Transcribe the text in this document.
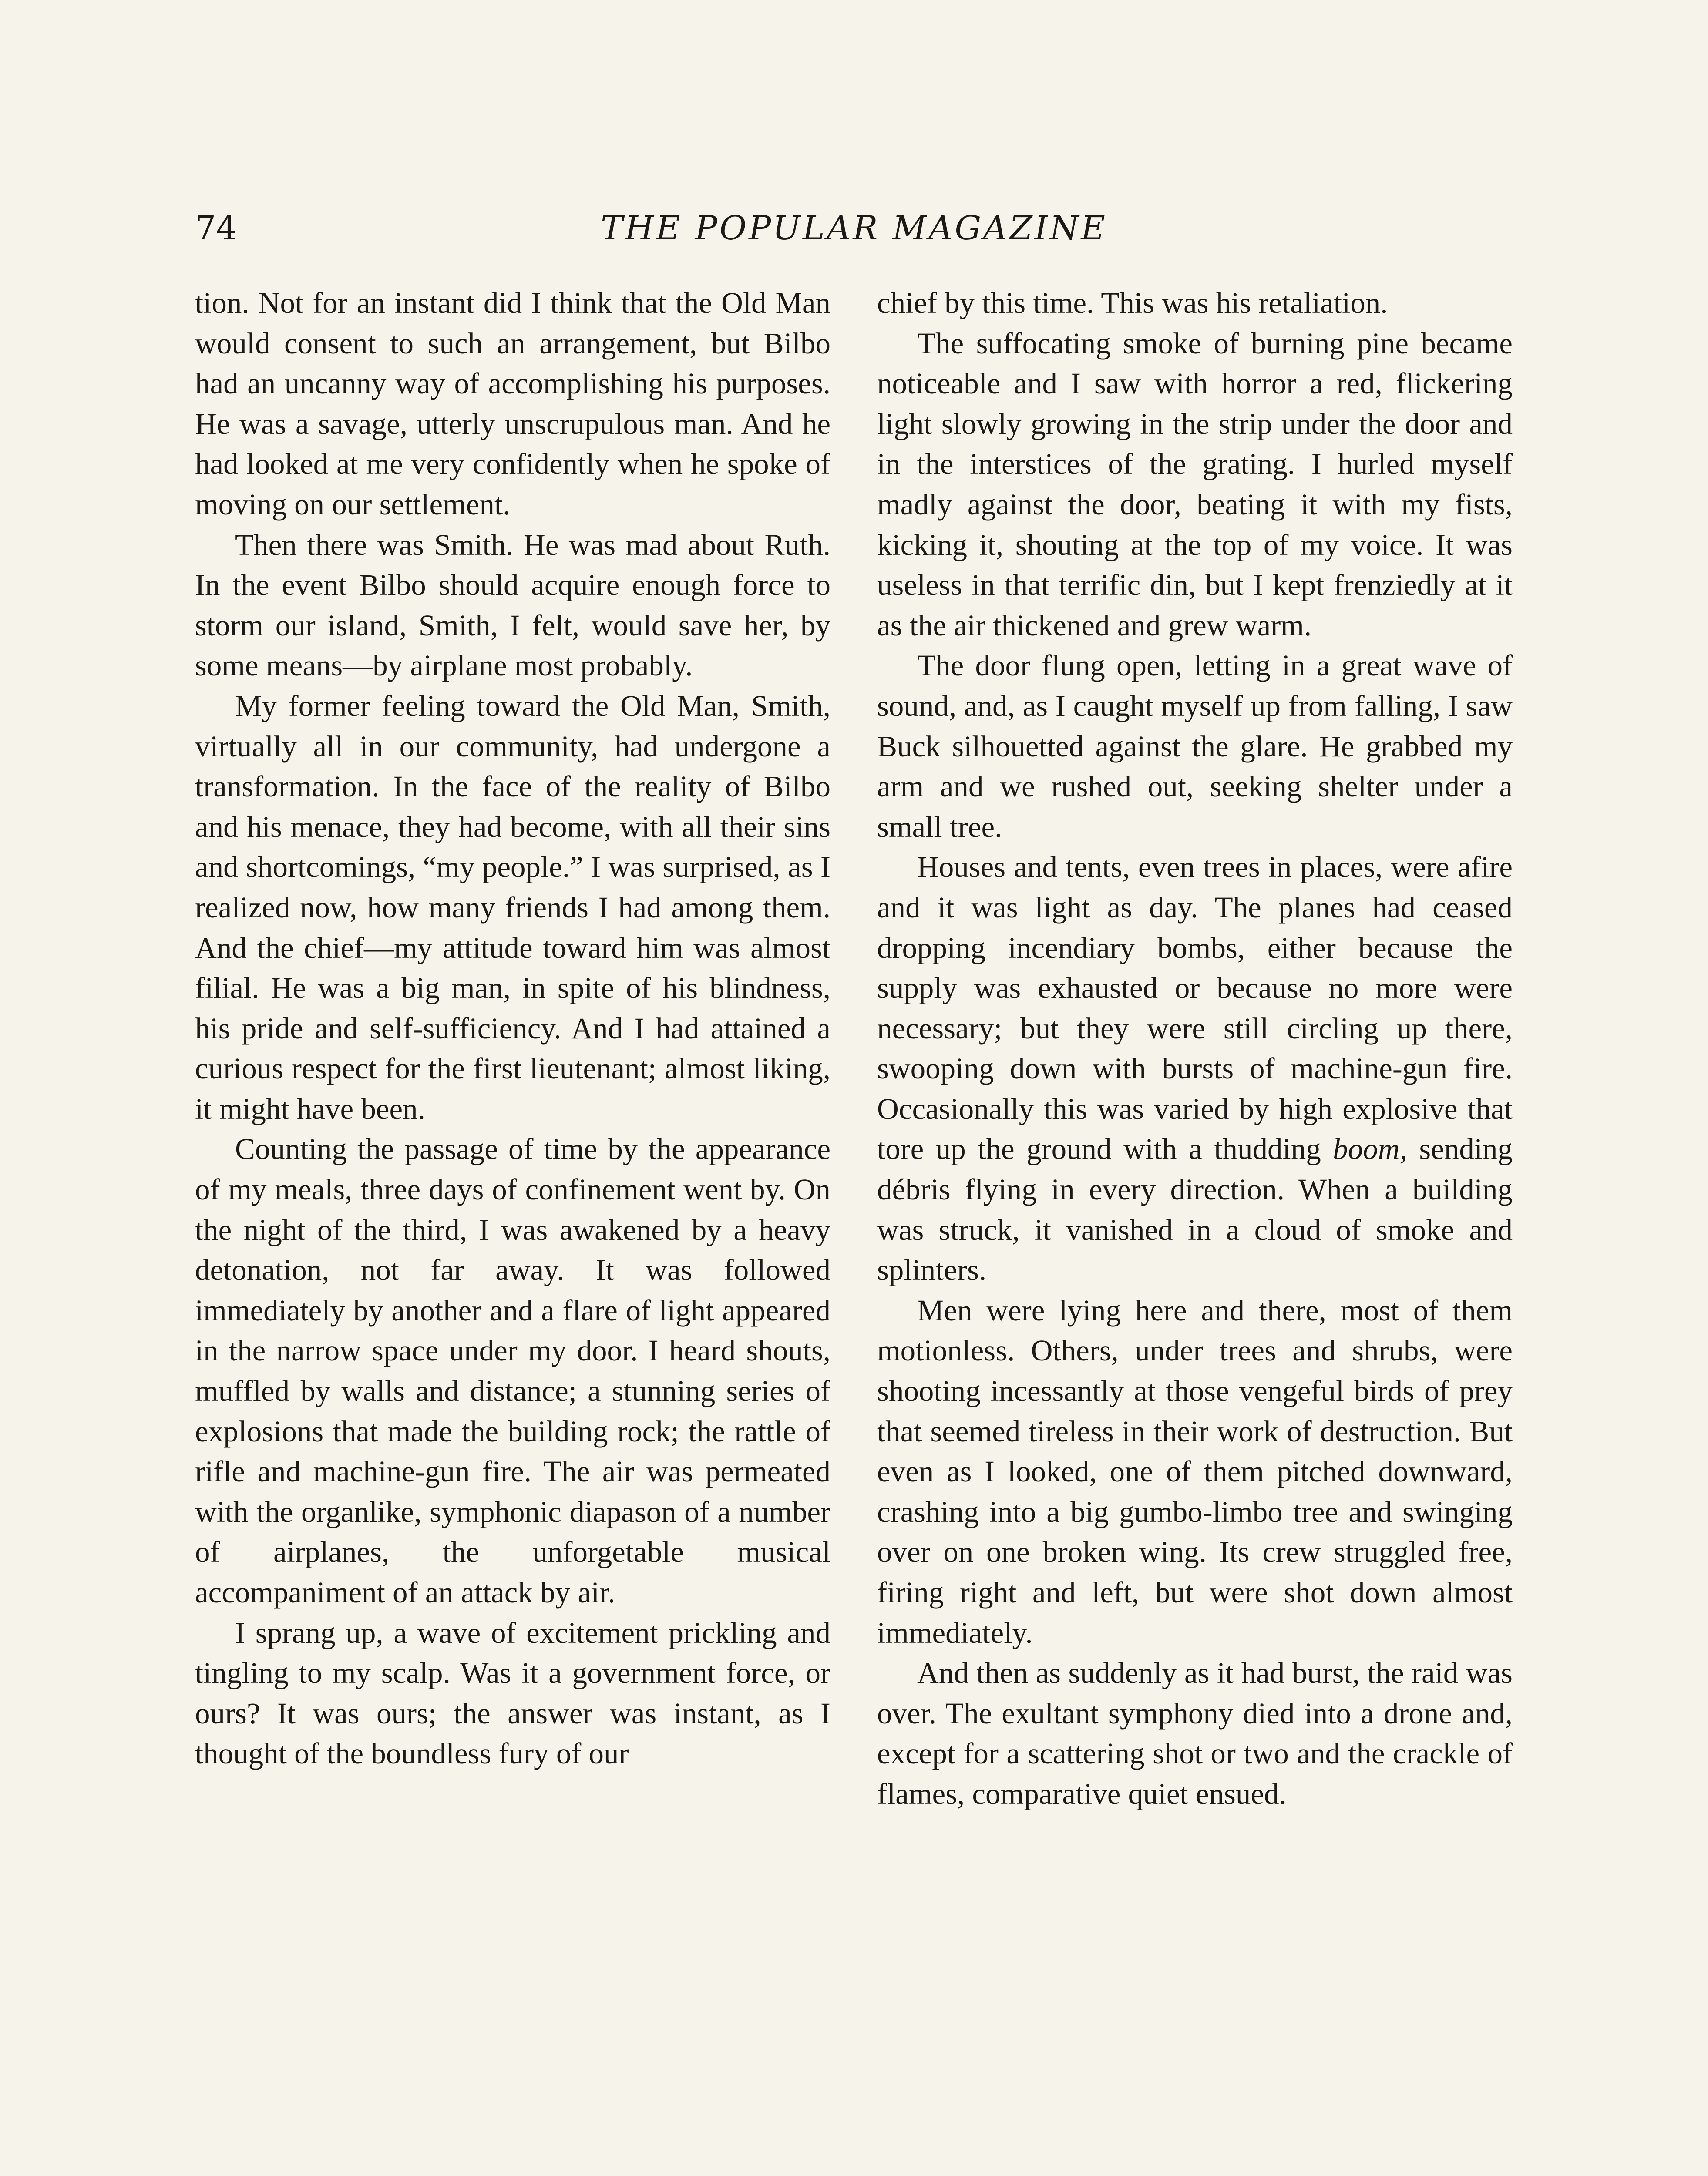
74	THE POPULAR MAGAZINE

tion. Not for an instant did I think that the Old Man would consent to such an arrangement, but Bilbo had an uncanny way of accomplishing his purposes. He was a savage, utterly unscrupulous man. And he had looked at me very confidently when he spoke of moving on our settlement.

Then there was Smith. He was mad about Ruth. In the event Bilbo should acquire enough force to storm our island, Smith, I felt, would save her, by some means—by airplane most probably.

My former feeling toward the Old Man, Smith, virtually all in our community, had undergone a transformation. In the face of the reality of Bilbo and his menace, they had become, with all their sins and shortcomings, “my people.” I was surprised, as I realized now, how many friends I had among them. And the chief—my attitude toward him was almost filial. He was a big man, in spite of his blindness, his pride and self-sufficiency. And I had attained a curious respect for the first lieutenant; almost liking, it might have been.

Counting the passage of time by the appearance of my meals, three days of confinement went by. On the night of the third, I was awakened by a heavy detonation, not far away. It was followed immediately by another and a flare of light appeared in the narrow space under my door. I heard shouts, muffled by walls and distance; a stunning series of explosions that made the building rock; the rattle of rifle and machine-gun fire. The air was permeated with the organlike, symphonic diapason of a number of airplanes, the unforgetable musical accompaniment of an attack by air.

I sprang up, a wave of excitement prickling and tingling to my scalp. Was it a government force, or ours? It was ours; the answer was instant, as I thought of the boundless fury of our

chief by this time. This was his retaliation.

The suffocating smoke of burning pine became noticeable and I saw with horror a red, flickering light slowly growing in the strip under the door and in the interstices of the grating. I hurled myself madly against the door, beating it with my fists, kicking it, shouting at the top of my voice. It was useless in that terrific din, but I kept frenziedly at it as the air thickened and grew warm.

The door flung open, letting in a great wave of sound, and, as I caught myself up from falling, I saw Buck silhouetted against the glare. He grabbed my arm and we rushed out, seeking shelter under a small tree.

Houses and tents, even trees in places, were afire and it was light as day. The planes had ceased dropping incendiary bombs, either because the supply was exhausted or because no more were necessary; but they were still circling up there, swooping down with bursts of machine-gun fire. Occasionally this was varied by high explosive that tore up the ground with a thudding boom, sending débris flying in every direction. When a building was struck, it vanished in a cloud of smoke and splinters.

Men were lying here and there, most of them motionless. Others, under trees and shrubs, were shooting incessantly at those vengeful birds of prey that seemed tireless in their work of destruction. But even as I looked, one of them pitched downward, crashing into a big gumbo-limbo tree and swinging over on one broken wing. Its crew struggled free, firing right and left, but were shot down almost immediately.

And then as suddenly as it had burst, the raid was over. The exultant symphony died into a drone and, except for a scattering shot or two and the crackle of flames, comparative quiet ensued.
